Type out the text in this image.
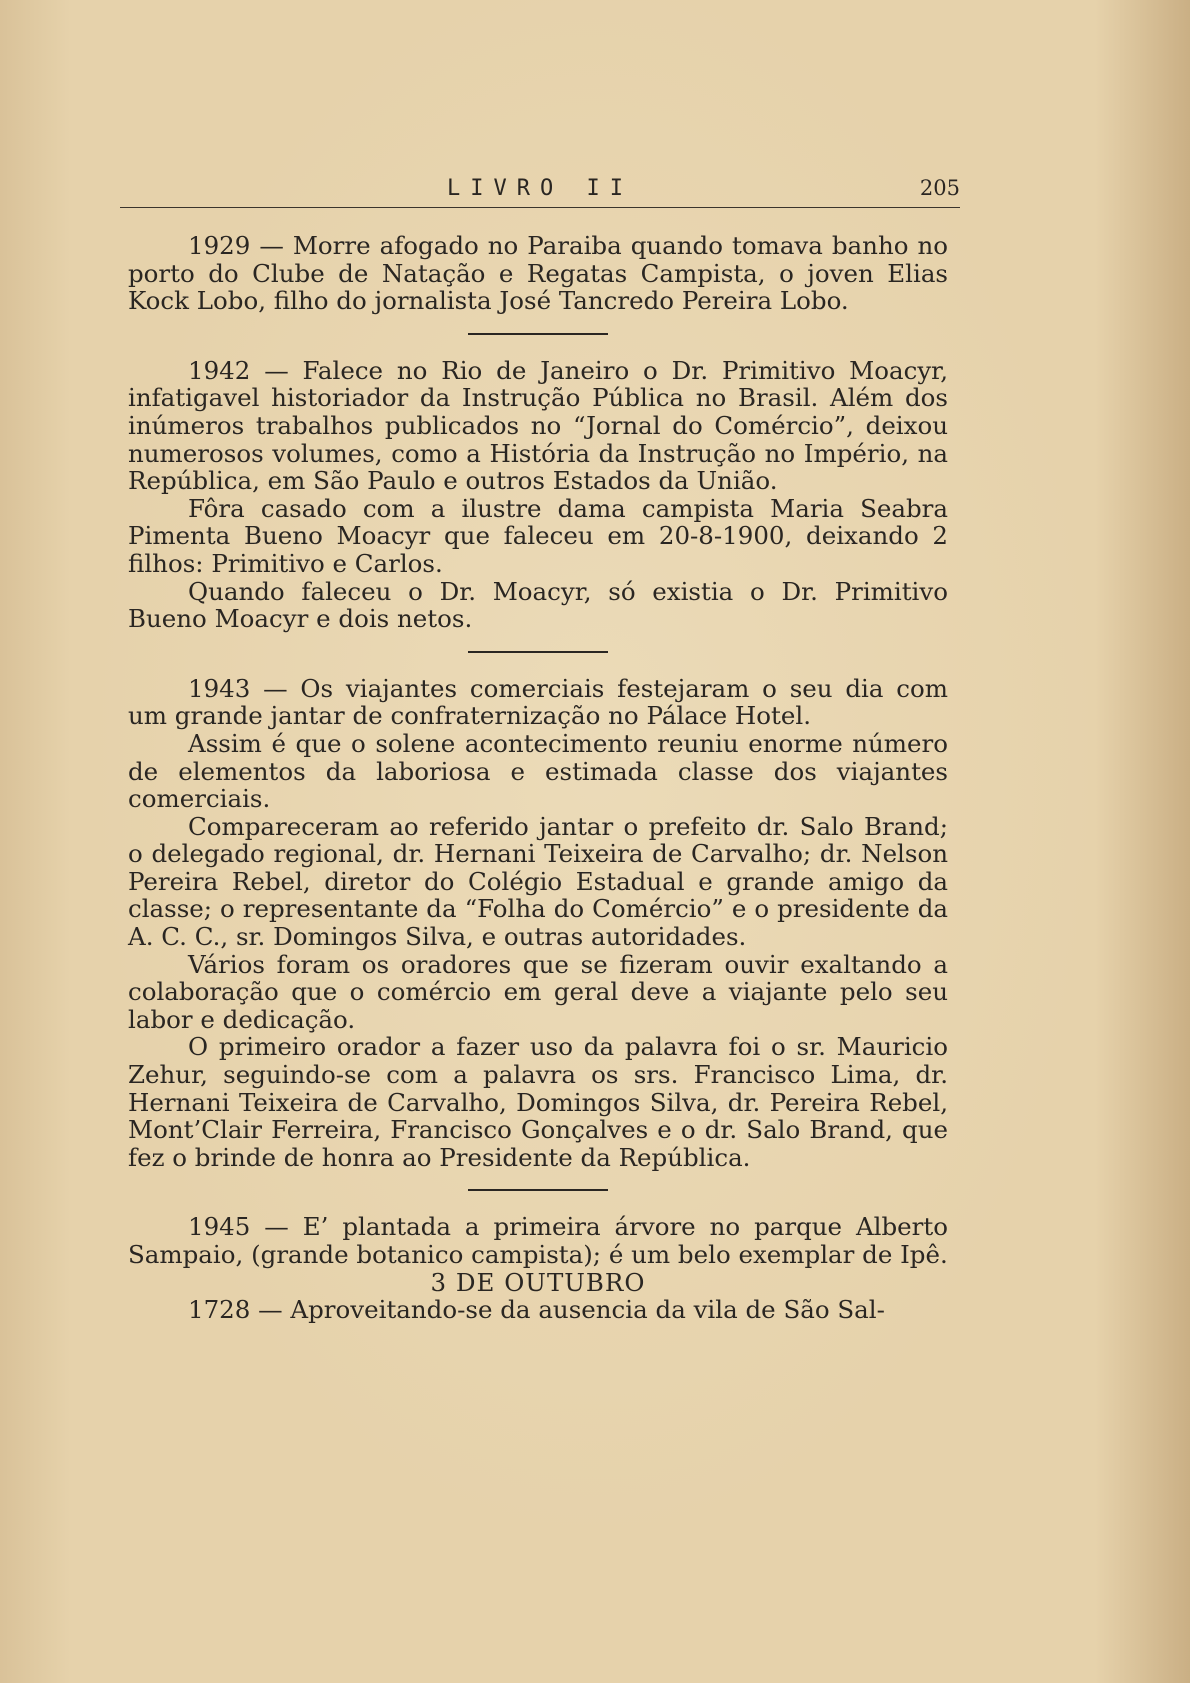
LIVRO II	205

1929 — Morre afogado no Paraiba quando tomava banho no porto do Clube de Natação e Regatas Campista, o joven Elias Kock Lobo, filho do jornalista José Tancredo Pereira Lobo.

1942 — Falece no Rio de Janeiro o Dr. Primitivo Moacyr, infatigavel historiador da Instrução Pública no Brasil. Além dos inúmeros trabalhos publicados no “Jornal do Comércio”, deixou numerosos volumes, como a História da Instrução no Império, na República, em São Paulo e outros Estados da União.

Fôra casado com a ilustre dama campista Maria Seabra Pimenta Bueno Moacyr que faleceu em 20-8-1900, deixando 2 filhos: Primitivo e Carlos.

Quando faleceu o Dr. Moacyr, só existia o Dr. Primitivo Bueno Moacyr e dois netos.

1943 — Os viajantes comerciais festejaram o seu dia com um grande jantar de confraternização no Pálace Hotel.

Assim é que o solene acontecimento reuniu enorme número de elementos da laboriosa e estimada classe dos viajantes comerciais.

Compareceram ao referido jantar o prefeito dr. Salo Brand; o delegado regional, dr. Hernani Teixeira de Carvalho; dr. Nelson Pereira Rebel, diretor do Colégio Estadual e grande amigo da classe; o representante da “Folha do Comércio” e o presidente da A. C. C., sr. Domingos Silva, e outras autoridades.

Vários foram os oradores que se fizeram ouvir exaltando a colaboração que o comércio em geral deve a viajante pelo seu labor e dedicação.

O primeiro orador a fazer uso da palavra foi o sr. Mauricio Zehur, seguindo-se com a palavra os srs. Francisco Lima, dr. Hernani Teixeira de Carvalho, Domingos Silva, dr. Pereira Rebel, Mont’Clair Ferreira, Francisco Gonçalves e o dr. Salo Brand, que fez o brinde de honra ao Presidente da República.

1945 — E’ plantada a primeira árvore no parque Alberto Sampaio, (grande botanico campista); é um belo exemplar de Ipê.

3 DE OUTUBRO

1728 — Aproveitando-se da ausencia da vila de São Sal-
